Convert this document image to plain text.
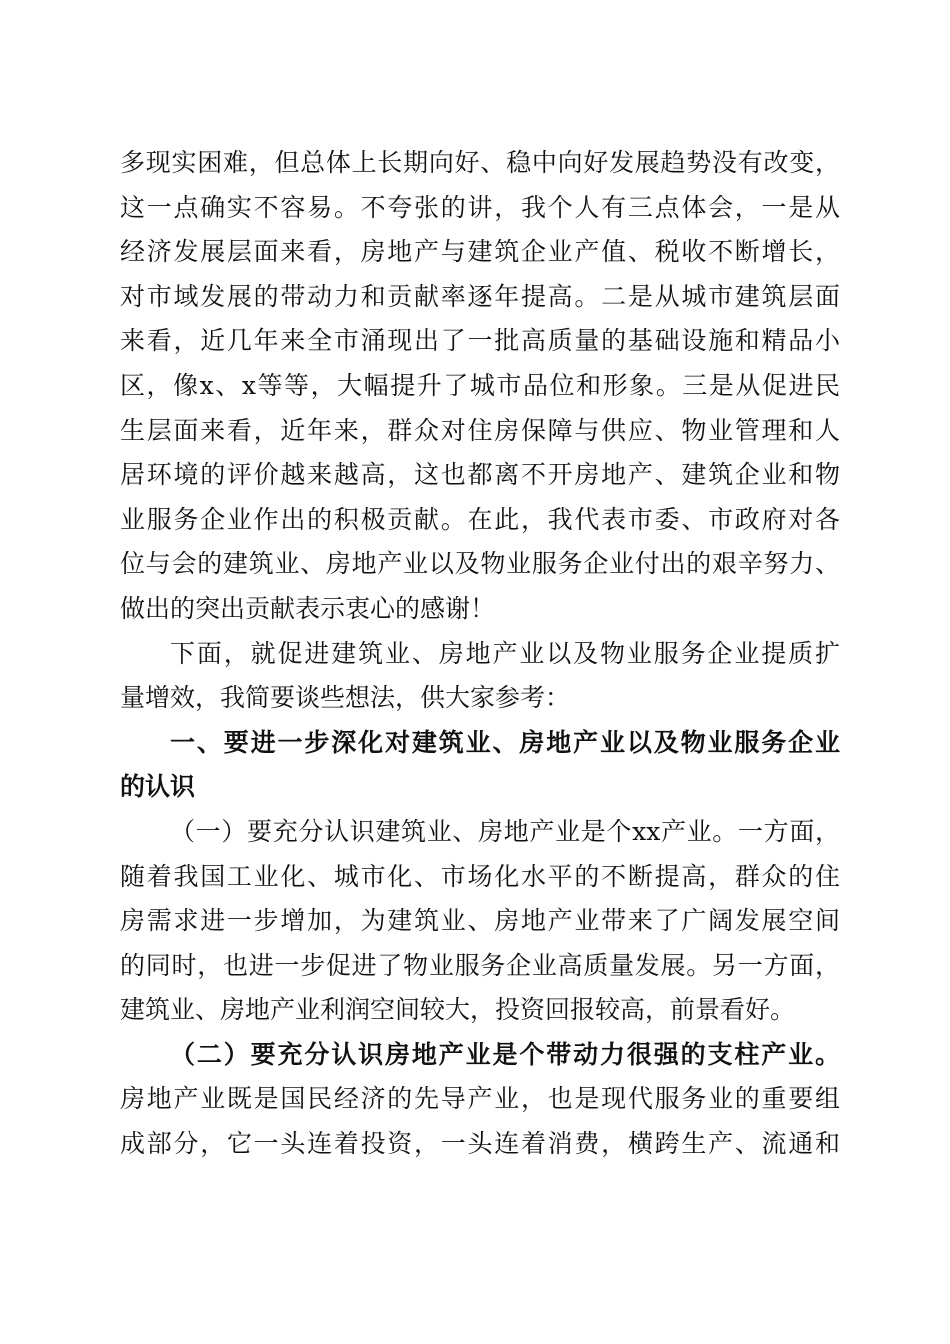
多现实困难，但总体上长期向好、稳中向好发展趋势没有改变，
这一点确实不容易。不夸张的讲，我个人有三点体会，一是从
经济发展层面来看，房地产与建筑企业产值、税收不断增长，
对市域发展的带动力和贡献率逐年提高。二是从城市建筑层面
来看，近几年来全市涌现出了一批高质量的基础设施和精品小
区，像x、x等等，大幅提升了城市品位和形象。三是从促进民
生层面来看，近年来，群众对住房保障与供应、物业管理和人
居环境的评价越来越高，这也都离不开房地产、建筑企业和物
业服务企业作出的积极贡献。在此，我代表市委、市政府对各
位与会的建筑业、房地产业以及物业服务企业付出的艰辛努力、
做出的突出贡献表示衷心的感谢！
下面，就促进建筑业、房地产业以及物业服务企业提质扩
量增效，我简要谈些想法，供大家参考：
一、要进一步深化对建筑业、房地产业以及物业服务企业
的认识
（一）要充分认识建筑业、房地产业是个xx产业。一方面，
随着我国工业化、城市化、市场化水平的不断提高，群众的住
房需求进一步增加，为建筑业、房地产业带来了广阔发展空间
的同时，也进一步促进了物业服务企业高质量发展。另一方面，
建筑业、房地产业利润空间较大，投资回报较高，前景看好。
（二）要充分认识房地产业是个带动力很强的支柱产业。
房地产业既是国民经济的先导产业，也是现代服务业的重要组
成部分，它一头连着投资，一头连着消费，横跨生产、流通和
